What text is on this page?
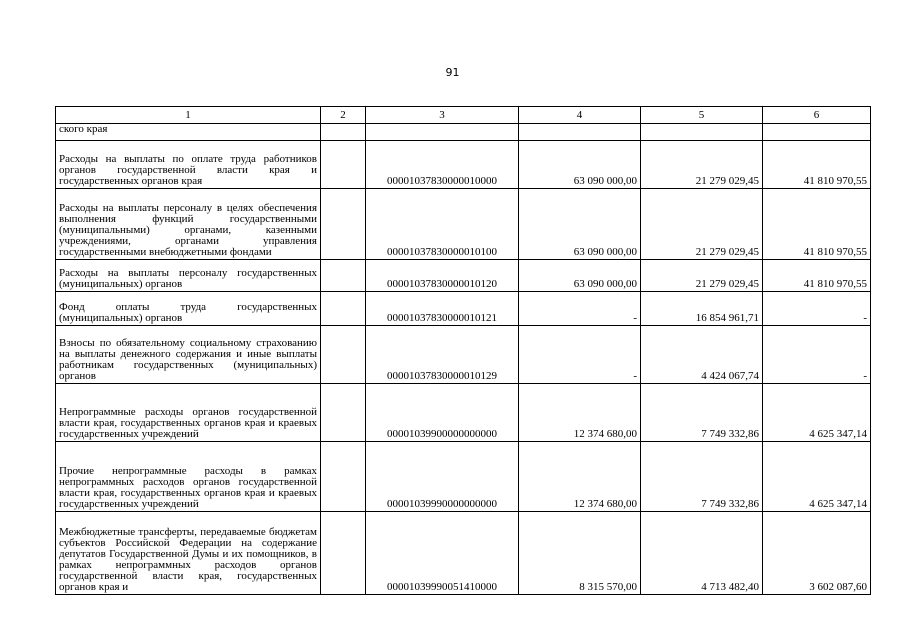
91
1	2	3	4	5	6
ского края					
Расходы на выплаты по оплате труда работников органов государственной власти края и государственных органов края		00001037830000010000	63 090 000,00	21 279 029,45	41 810 970,55
Расходы на выплаты персоналу в целях обеспечения выполнения функций государственными (муниципальными) органами, казенными учреждениями, органами управления государственными внебюджетными фондами		00001037830000010100	63 090 000,00	21 279 029,45	41 810 970,55
Расходы на выплаты персоналу государственных (муниципальных) органов		00001037830000010120	63 090 000,00	21 279 029,45	41 810 970,55
Фонд оплаты труда государственных (муниципальных) органов		00001037830000010121	-	16 854 961,71	-
Взносы по обязательному социальному страхованию на выплаты денежного содержания и иные выплаты работникам государственных (муниципальных) органов		00001037830000010129	-	4 424 067,74	-
Непрограммные расходы органов государственной власти края, государственных органов края и краевых государственных учреждений		00001039900000000000	12 374 680,00	7 749 332,86	4 625 347,14
Прочие непрограммные расходы в рамках непрограммных расходов органов государственной власти края, государственных органов края и краевых государственных учреждений		00001039990000000000	12 374 680,00	7 749 332,86	4 625 347,14
Межбюджетные трансферты, передаваемые бюджетам субъектов Российской Федерации на содержание депутатов Государственной Думы и их помощников, в рамках непрограммных расходов органов государственной власти края, государственных органов края и		00001039990051410000	8 315 570,00	4 713 482,40	3 602 087,60
